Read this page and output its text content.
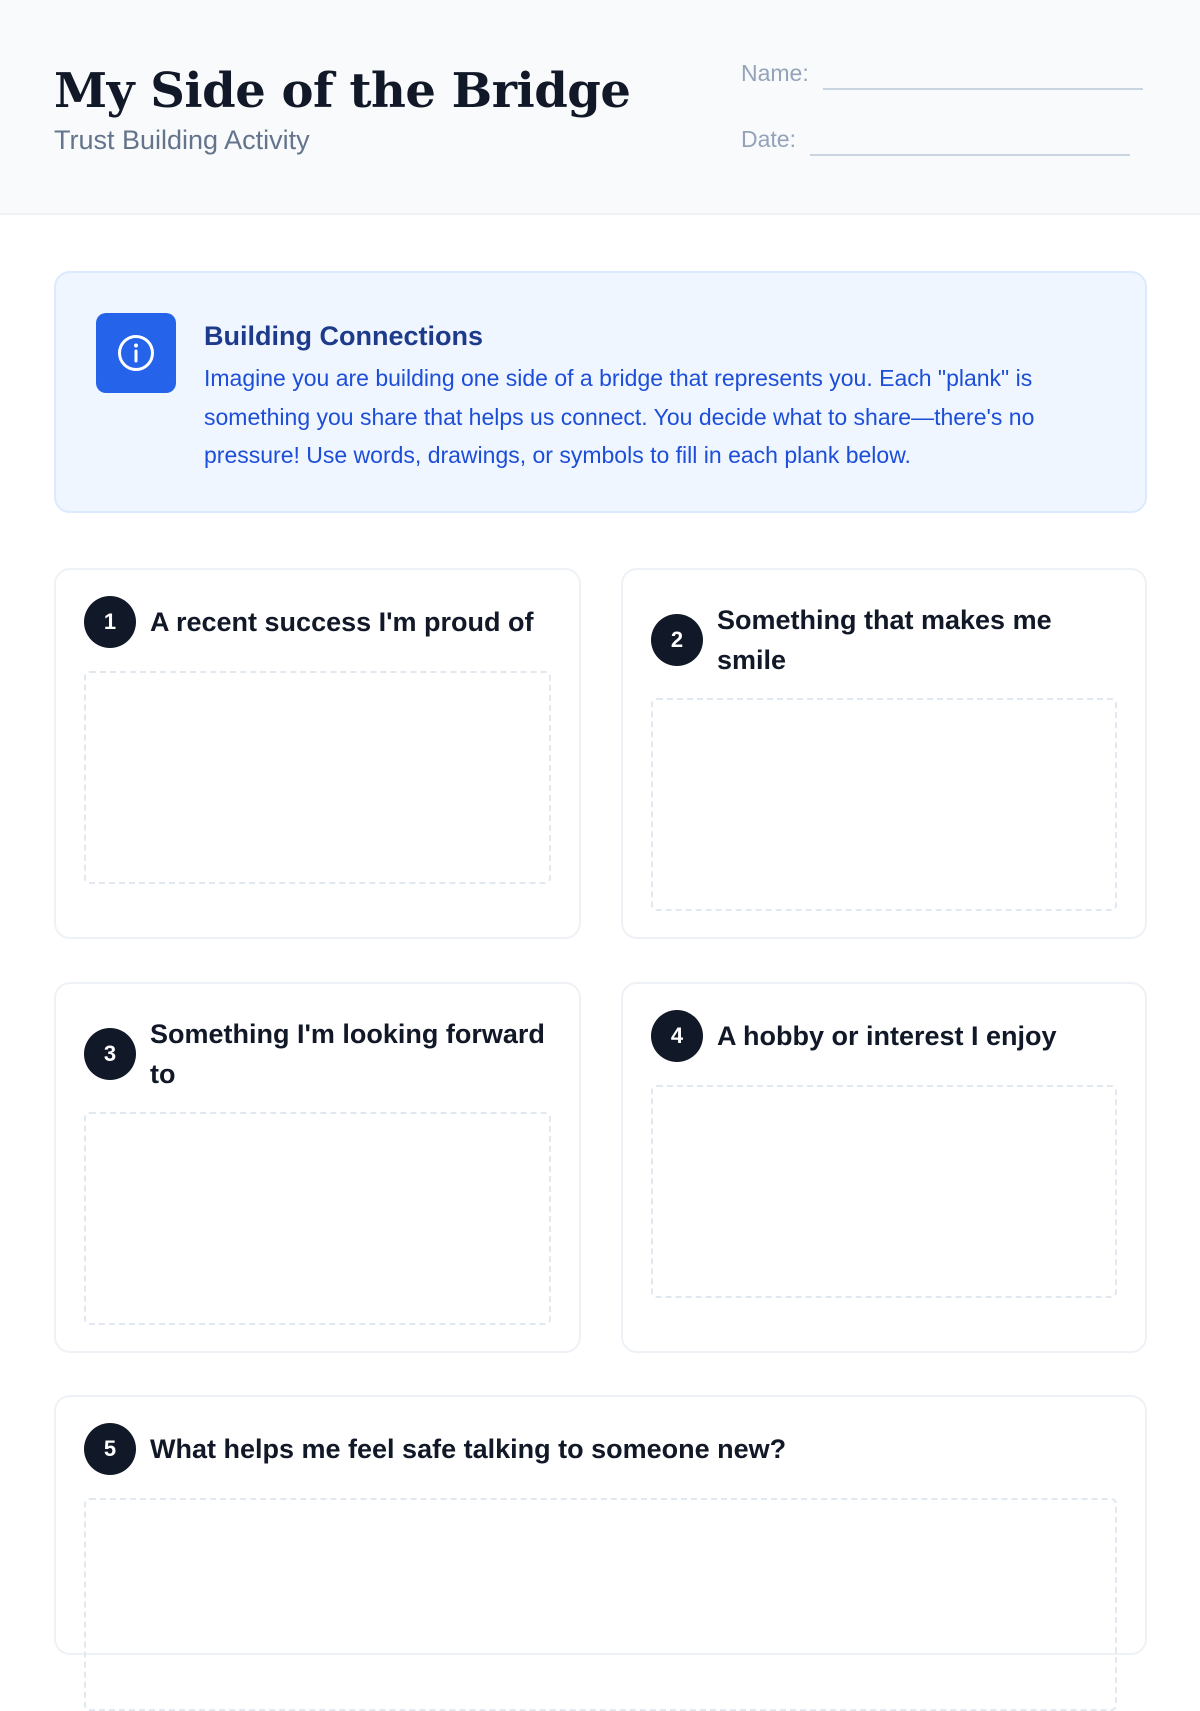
My Side of the Bridge
Trust Building Activity
Name:
Date:
Building Connections
Imagine you are building one side of a bridge that represents you. Each "plank" is something you share that helps us connect. You decide what to share—there's no pressure! Use words, drawings, or symbols to fill in each plank below.
1	A recent success I'm proud of
2
Something that makes me smile
3
Something I'm looking forward to
4	A hobby or interest I enjoy
5	What helps me feel safe talking to someone new?
